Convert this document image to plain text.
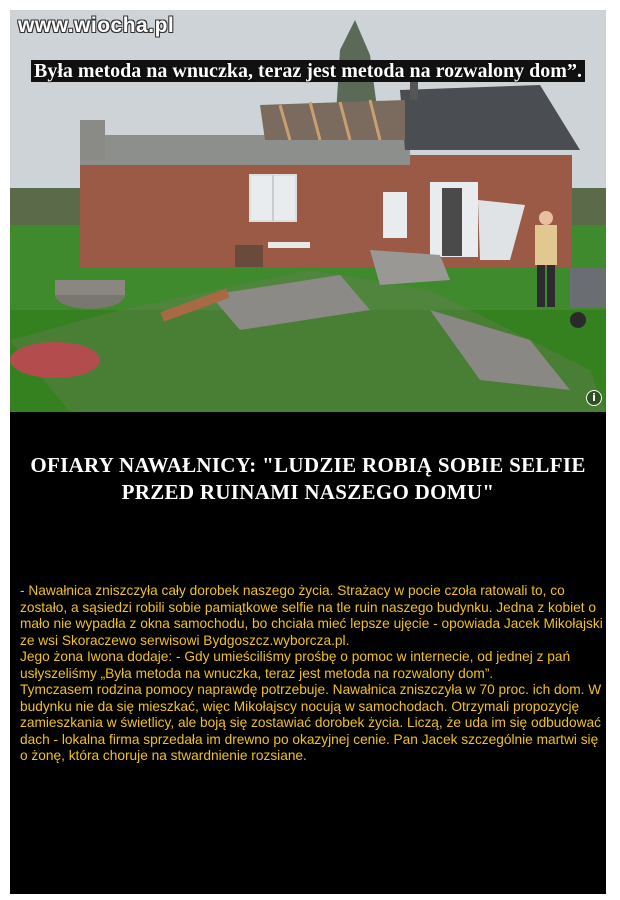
www.wiocha.pl
Była metoda na wnuczka, teraz jest metoda na rozwalony dom”.
i
OFIARY NAWAŁNICY: "LUDZIE ROBIĄ SOBIE SELFIE PRZED RUINAMI NASZEGO DOMU"

- Nawałnica zniszczyła cały dorobek naszego życia. Strażacy w pocie czoła ratowali to, co zostało, a sąsiedzi robili sobie pamiątkowe selfie na tle ruin naszego budynku. Jedna z kobiet o mało nie wypadła z okna samochodu, bo chciała mieć lepsze ujęcie - opowiada Jacek Mikołajski ze wsi Skoraczewo serwisowi Bydgoszcz.wyborcza.pl.

Jego żona Iwona dodaje: - Gdy umieściliśmy prośbę o pomoc w internecie, od jednej z pań usłyszeliśmy „Była metoda na wnuczka, teraz jest metoda na rozwalony dom”.

Tymczasem rodzina pomocy naprawdę potrzebuje. Nawałnica zniszczyła w 70 proc. ich dom. W budynku nie da się mieszkać, więc Mikołajscy nocują w samochodach. Otrzymali propozycję zamieszkania w świetlicy, ale boją się zostawiać dorobek życia. Liczą, że uda im się odbudować dach - lokalna firma sprzedała im drewno po okazyjnej cenie. Pan Jacek szczególnie martwi się o żonę, która choruje na stwardnienie rozsiane.
